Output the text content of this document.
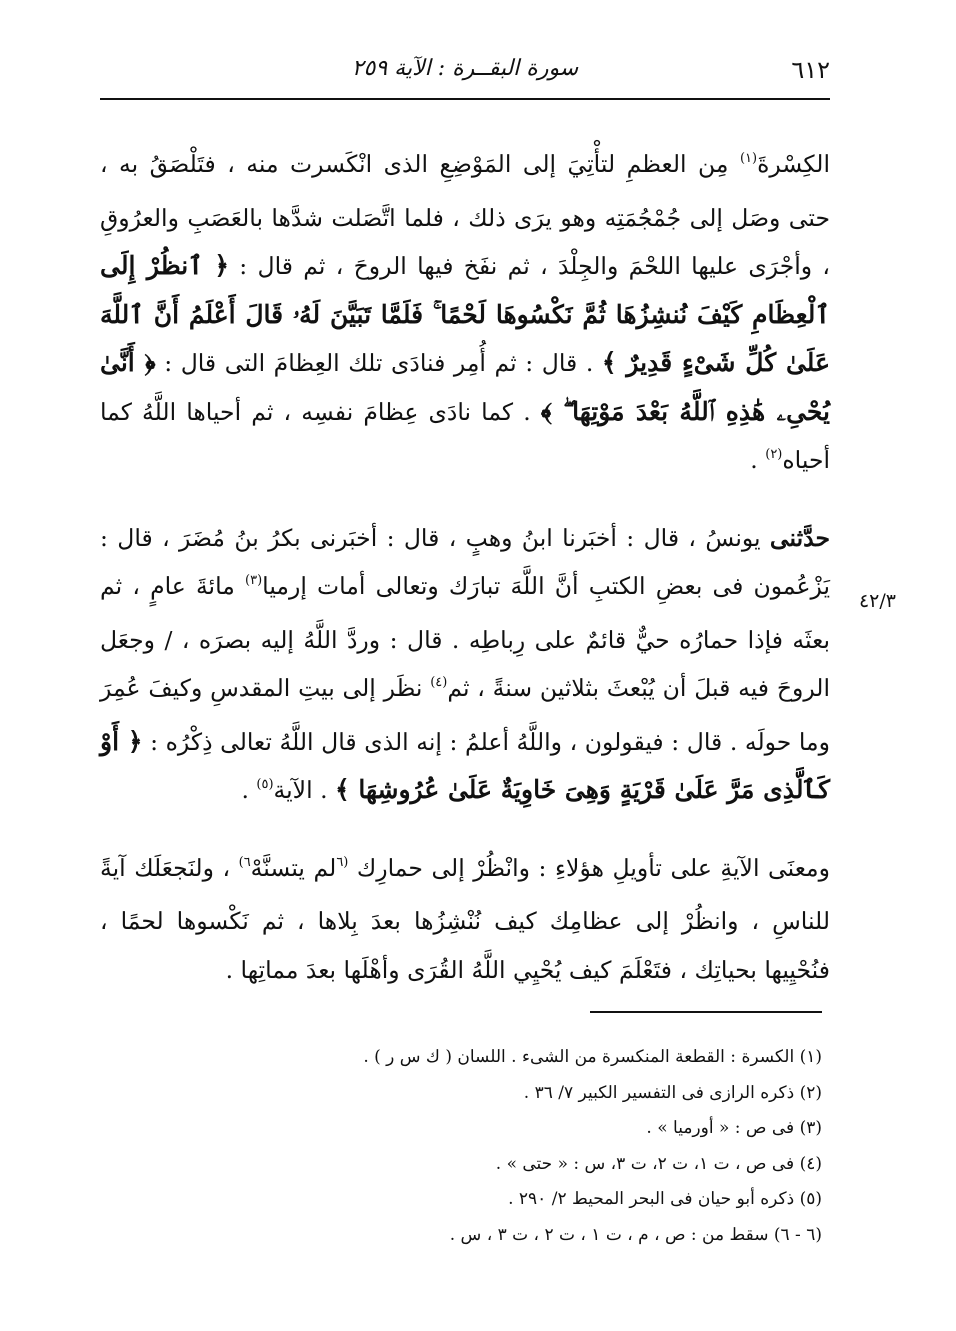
٦١٢
سورة البقــرة : الآية ٢٥٩

الكِسْرةَ$^{(١)}$ مِن العظمِ لتأْتِيَ إلى المَوْضِعِ الذى انْكَسرت منه ، فتَلْصَقُ به ، حتى وصَل إلى جُمْجُمَتِه وهو يرَى ذلك ، فلما اتَّصَلت شدَّها بالعَصَبِ والعرُوقِ ، وأجْرَى عليها اللحْمَ والجِلْدَ ، ثم نفَخ فيها الروحَ ، ثم قال : ﴿ ٱنظُرْ إِلَى ٱلْعِظَامِ كَيْفَ نُنشِزُهَا ثُمَّ نَكْسُوهَا لَحْمًا ۚ فَلَمَّا تَبَيَّنَ لَهُۥ قَالَ أَعْلَمُ أَنَّ ٱللَّهَ عَلَىٰ كُلِّ شَىْءٍ قَدِيرٌ ﴾ . قال : ثم أُمِر فنادَى تلك العِظامَ التى قال : ﴿ أَنَّىٰ يُحْىِۦ هَٰذِهِ ٱللَّهُ بَعْدَ مَوْتِهَا ۖ ﴾ . كما نادَى عِظامَ نفسِه ، ثم أحياها اللَّهُ كما أحياه$^{(٢)}$ .

حدَّثنى يونسُ ، قال : أخبَرنا ابنُ وهبٍ ، قال : أخبَرنى بكرُ بنُ مُضَرَ ، قال : يَزْعُمون فى بعضِ الكتبِ أنَّ اللَّهَ تبارَك وتعالى أمات إرميا$^{(٣)}$ مائةَ عامٍ ، ثم بعثَه فإذا حمارُه حيٌّ قائمٌ على رِباطِه . قال : وردَّ اللَّهُ إليه بصرَه ، / وجعَل الروحَ فيه قبلَ أن يُبْعثَ بثلاثين سنةً ، ثم$^{(٤)}$ نظَر إلى بيتِ المقدسِ وكيفَ عُمِرَ وما حولَه . قال : فيقولون ، واللَّهُ أعلمُ : إنه الذى قال اللَّهُ تعالى ذِكْرُه : ﴿ أَوْ كَٱلَّذِى مَرَّ عَلَىٰ قَرْيَةٍ وَهِىَ خَاوِيَةٌ عَلَىٰ عُرُوشِهَا ﴾ . الآية$^{(٥)}$ .

ومعنَى الآيةِ على تأويلِ هؤلاءِ : وانْظُرْ إلى حمارِك $^{(٦}$لم يتسنَّهْ$^{٦)}$ ، ولنَجعَلَك آيةً للناسِ ، وانظُرْ إلى عظامِك كيف نُنْشِزُها بعدَ بِلاها ، ثم نَكْسوها لحمًا ، فنُحْيِيها بحياتِك ، فتَعْلَمَ كيف يُحْيِي اللَّهُ القُرَى وأهْلَها بعدَ مماتِها .

٤٢/٣

(١) الكسرة : القطعة المنكسرة من الشىء . اللسان ( ك س ر ) .

(٢) ذكره الرازى فى التفسير الكبير ٧/ ٣٦ .

(٣) فى ص : « أورميا » .

(٤) فى ص ، ت ١، ت ٢، ت ٣، س : « حتى » .

(٥) ذكره أبو حيان فى البحر المحيط ٢/ ٢٩٠ .

(٦ - ٦) سقط من : ص ، م ، ت ١ ، ت ٢ ، ت ٣ ، س .
